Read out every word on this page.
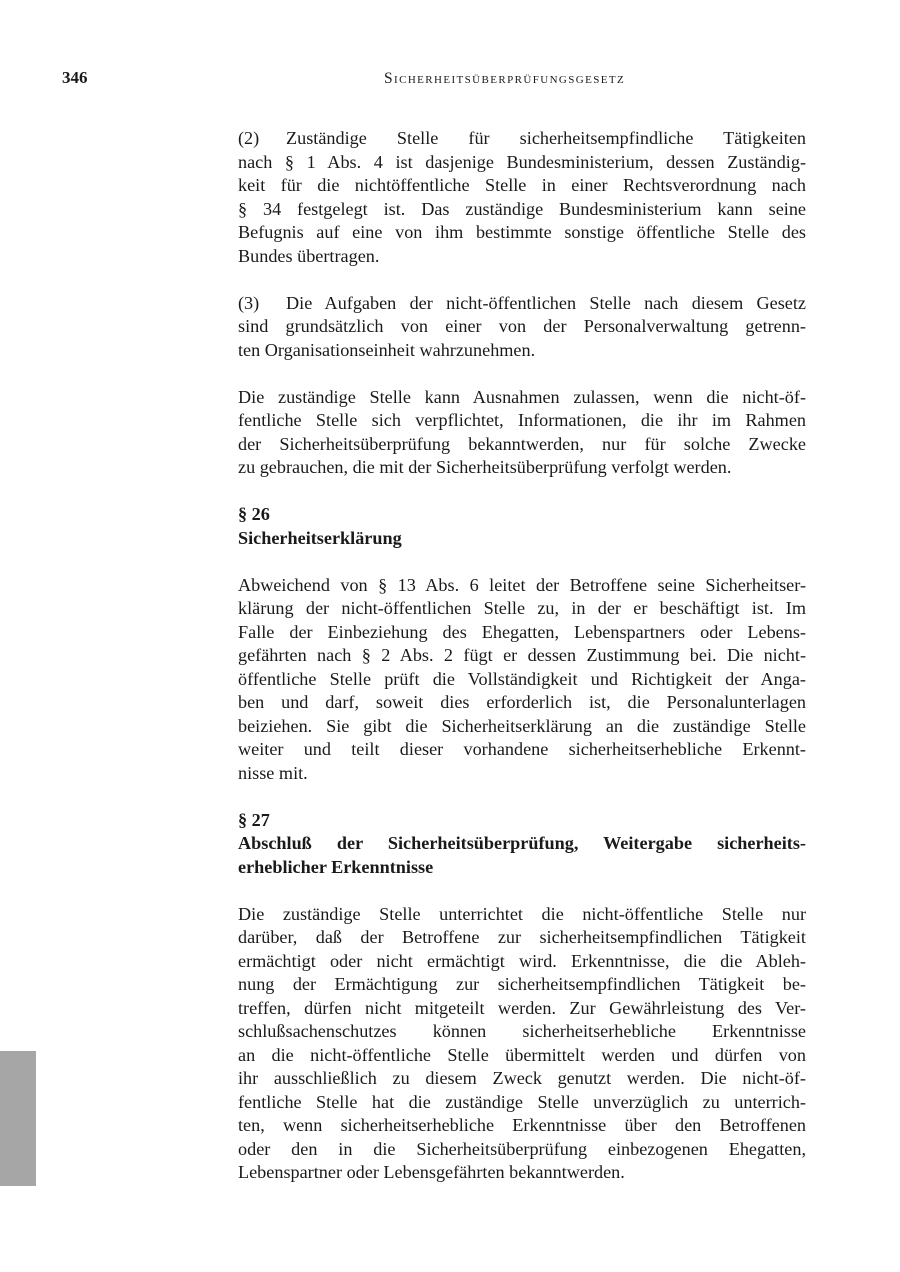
346	Sicherheitsüberprüfungsgesetz
(2) Zuständige Stelle für sicherheitsempfindliche Tätigkeiten
nach § 1 Abs. 4 ist dasjenige Bundesministerium, dessen Zuständig-
keit für die nichtöffentliche Stelle in einer Rechtsverordnung nach
§ 34 festgelegt ist. Das zuständige Bundesministerium kann seine
Befugnis auf eine von ihm bestimmte sonstige öffentliche Stelle des
Bundes übertragen.
(3) Die Aufgaben der nicht-öffentlichen Stelle nach diesem Gesetz
sind grundsätzlich von einer von der Personalverwaltung getrenn-
ten Organisationseinheit wahrzunehmen.
Die zuständige Stelle kann Ausnahmen zulassen, wenn die nicht-öf-
fentliche Stelle sich verpflichtet, Informationen, die ihr im Rahmen
der Sicherheitsüberprüfung bekanntwerden, nur für solche Zwecke
zu gebrauchen, die mit der Sicherheitsüberprüfung verfolgt werden.
§ 26
Sicherheitserklärung
Abweichend von § 13 Abs. 6 leitet der Betroffene seine Sicherheitser-
klärung der nicht-öffentlichen Stelle zu, in der er beschäftigt ist. Im
Falle der Einbeziehung des Ehegatten, Lebenspartners oder Lebens-
gefährten nach § 2 Abs. 2 fügt er dessen Zustimmung bei. Die nicht-
öffentliche Stelle prüft die Vollständigkeit und Richtigkeit der Anga-
ben und darf, soweit dies erforderlich ist, die Personalunterlagen
beiziehen. Sie gibt die Sicherheitserklärung an die zuständige Stelle
weiter und teilt dieser vorhandene sicherheitserhebliche Erkennt-
nisse mit.
§ 27
Abschluß der Sicherheitsüberprüfung, Weitergabe sicherheits-
erheblicher Erkenntnisse
Die zuständige Stelle unterrichtet die nicht-öffentliche Stelle nur
darüber, daß der Betroffene zur sicherheitsempfindlichen Tätigkeit
ermächtigt oder nicht ermächtigt wird. Erkenntnisse, die die Ableh-
nung der Ermächtigung zur sicherheitsempfindlichen Tätigkeit be-
treffen, dürfen nicht mitgeteilt werden. Zur Gewährleistung des Ver-
schlußsachenschutzes können sicherheitserhebliche Erkenntnisse
an die nicht-öffentliche Stelle übermittelt werden und dürfen von
ihr ausschließlich zu diesem Zweck genutzt werden. Die nicht-öf-
fentliche Stelle hat die zuständige Stelle unverzüglich zu unterrich-
ten, wenn sicherheitserhebliche Erkenntnisse über den Betroffenen
oder den in die Sicherheitsüberprüfung einbezogenen Ehegatten,
Lebenspartner oder Lebensgefährten bekanntwerden.
